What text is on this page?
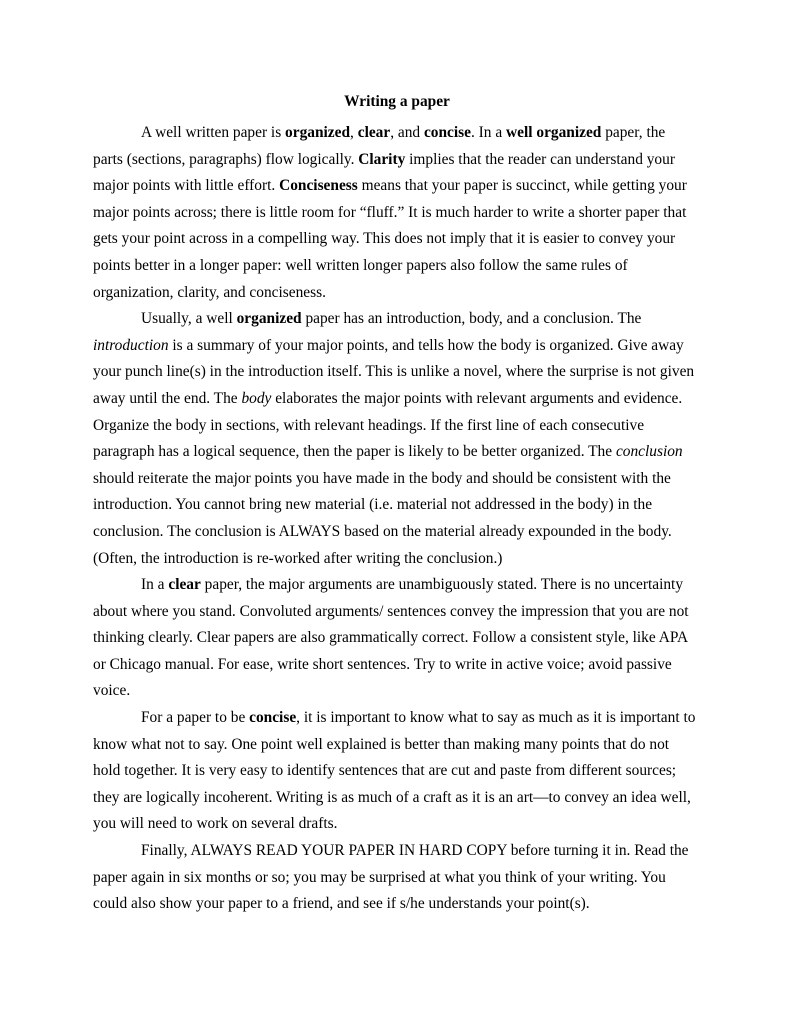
Writing a paper

A well written paper is organized, clear, and concise. In a well organized paper, the parts (sections, paragraphs) flow logically. Clarity implies that the reader can understand your major points with little effort. Conciseness means that your paper is succinct, while getting your major points across; there is little room for “fluff.” It is much harder to write a shorter paper that gets your point across in a compelling way. This does not imply that it is easier to convey your points better in a longer paper: well written longer papers also follow the same rules of organization, clarity, and conciseness.

Usually, a well organized paper has an introduction, body, and a conclusion. The introduction is a summary of your major points, and tells how the body is organized. Give away your punch line(s) in the introduction itself. This is unlike a novel, where the surprise is not given away until the end. The body elaborates the major points with relevant arguments and evidence. Organize the body in sections, with relevant headings. If the first line of each consecutive paragraph has a logical sequence, then the paper is likely to be better organized. The conclusion should reiterate the major points you have made in the body and should be consistent with the introduction. You cannot bring new material (i.e. material not addressed in the body) in the conclusion. The conclusion is ALWAYS based on the material already expounded in the body. (Often, the introduction is re-worked after writing the conclusion.)

In a clear paper, the major arguments are unambiguously stated. There is no uncertainty about where you stand. Convoluted arguments/ sentences convey the impression that you are not thinking clearly. Clear papers are also grammatically correct. Follow a consistent style, like APA or Chicago manual. For ease, write short sentences. Try to write in active voice; avoid passive voice.

For a paper to be concise, it is important to know what to say as much as it is important to know what not to say. One point well explained is better than making many points that do not hold together. It is very easy to identify sentences that are cut and paste from different sources; they are logically incoherent. Writing is as much of a craft as it is an art—to convey an idea well, you will need to work on several drafts.

Finally, ALWAYS READ YOUR PAPER IN HARD COPY before turning it in. Read the paper again in six months or so; you may be surprised at what you think of your writing. You could also show your paper to a friend, and see if s/he understands your point(s).
